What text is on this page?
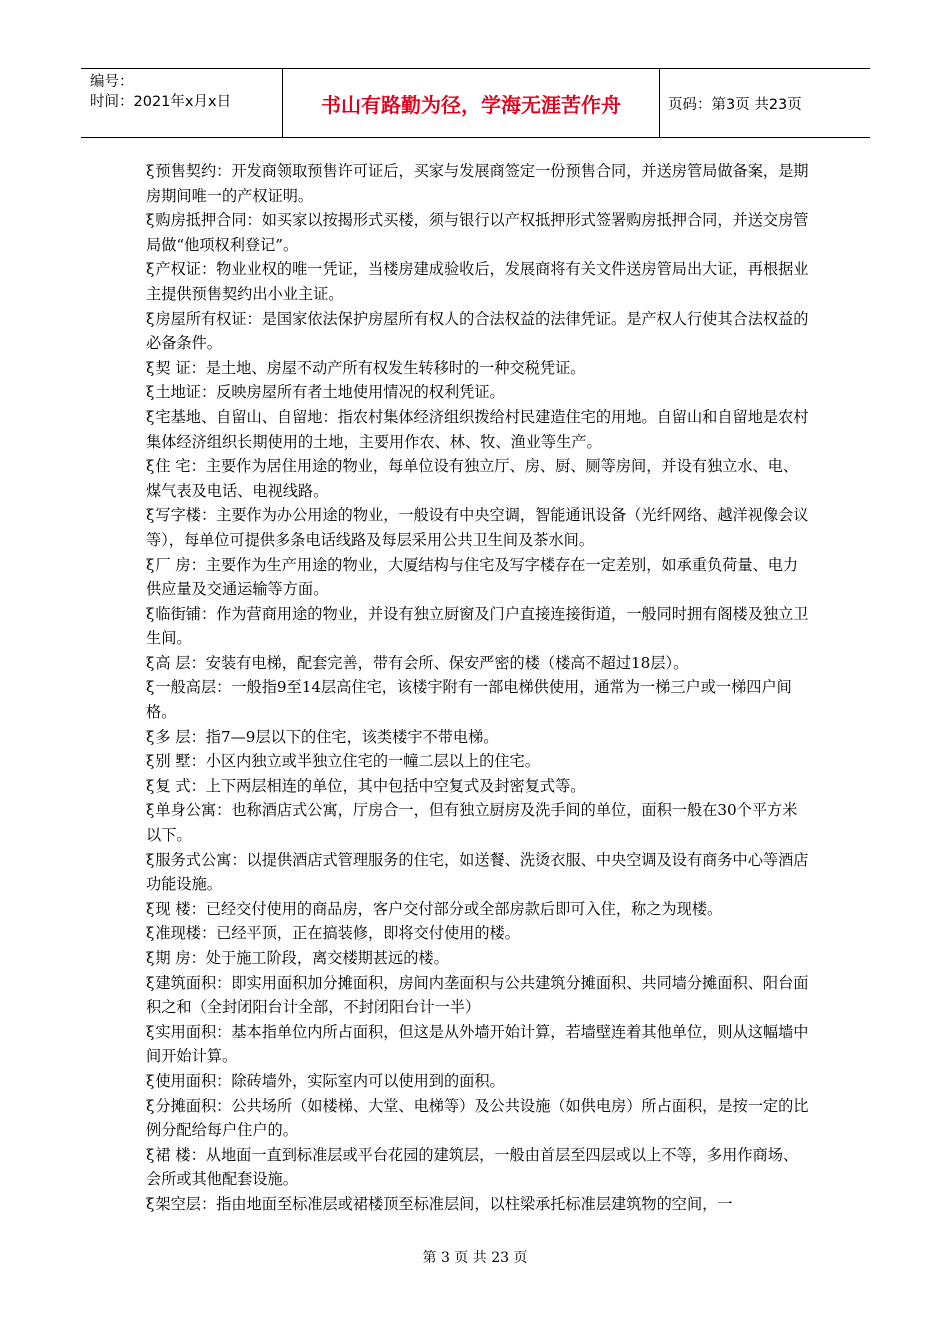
编号：
时间：2021年x月x日	书山有路勤为径，学海无涯苦作舟	页码：第3页 共23页

ξ预售契约：开发商领取预售许可证后，买家与发展商签定一份预售合同，并送房管局做备案，是期房期间唯一的产权证明。

ξ购房抵押合同：如买家以按揭形式买楼，须与银行以产权抵押形式签署购房抵押合同，并送交房管局做“他项权利登记”。

ξ产权证：物业业权的唯一凭证，当楼房建成验收后，发展商将有关文件送房管局出大证，再根据业主提供预售契约出小业主证。

ξ房屋所有权证：是国家依法保护房屋所有权人的合法权益的法律凭证。是产权人行使其合法权益的必备条件。

ξ契 证：是土地、房屋不动产所有权发生转移时的一种交税凭证。

ξ土地证：反映房屋所有者土地使用情况的权利凭证。

ξ宅基地、自留山、自留地：指农村集体经济组织拨给村民建造住宅的用地。自留山和自留地是农村集体经济组织长期使用的土地，主要用作农、林、牧、渔业等生产。

ξ住 宅：主要作为居住用途的物业，每单位设有独立厅、房、厨、厕等房间，并设有独立水、电、煤气表及电话、电视线路。

ξ写字楼：主要作为办公用途的物业，一般设有中央空调，智能通讯设备（光纤网络、越洋视像会议等），每单位可提供多条电话线路及每层采用公共卫生间及茶水间。

ξ厂 房：主要作为生产用途的物业，大厦结构与住宅及写字楼存在一定差别，如承重负荷量、电力供应量及交通运输等方面。

ξ临街铺：作为营商用途的物业，并设有独立厨窗及门户直接连接街道，一般同时拥有阁楼及独立卫生间。

ξ高 层：安装有电梯，配套完善，带有会所、保安严密的楼（楼高不超过18层）。

ξ一般高层：一般指9至14层高住宅，该楼宇附有一部电梯供使用，通常为一梯三户或一梯四户间格。

ξ多 层：指7—9层以下的住宅，该类楼宇不带电梯。

ξ别 墅：小区内独立或半独立住宅的一幢二层以上的住宅。

ξ复 式：上下两层相连的单位，其中包括中空复式及封密复式等。

ξ单身公寓：也称酒店式公寓，厅房合一，但有独立厨房及洗手间的单位，面积一般在30个平方米以下。

ξ服务式公寓：以提供酒店式管理服务的住宅，如送餐、洗烫衣服、中央空调及设有商务中心等酒店功能设施。

ξ现 楼：已经交付使用的商品房，客户交付部分或全部房款后即可入住，称之为现楼。

ξ准现楼：已经平顶，正在搞装修，即将交付使用的楼。

ξ期 房：处于施工阶段，离交楼期甚远的楼。

ξ建筑面积：即实用面积加分摊面积，房间内垄面积与公共建筑分摊面积、共同墙分摊面积、阳台面积之和（全封闭阳台计全部，不封闭阳台计一半）

ξ实用面积：基本指单位内所占面积，但这是从外墙开始计算，若墙壁连着其他单位，则从这幅墙中间开始计算。

ξ使用面积：除砖墙外，实际室内可以使用到的面积。

ξ分摊面积：公共场所（如楼梯、大堂、电梯等）及公共设施（如供电房）所占面积，是按一定的比例分配给每户住户的。

ξ裙 楼：从地面一直到标准层或平台花园的建筑层，一般由首层至四层或以上不等，多用作商场、会所或其他配套设施。

ξ架空层：指由地面至标准层或裙楼顶至标准层间，以柱梁承托标准层建筑物的空间，一

第 3 页 共 23 页
